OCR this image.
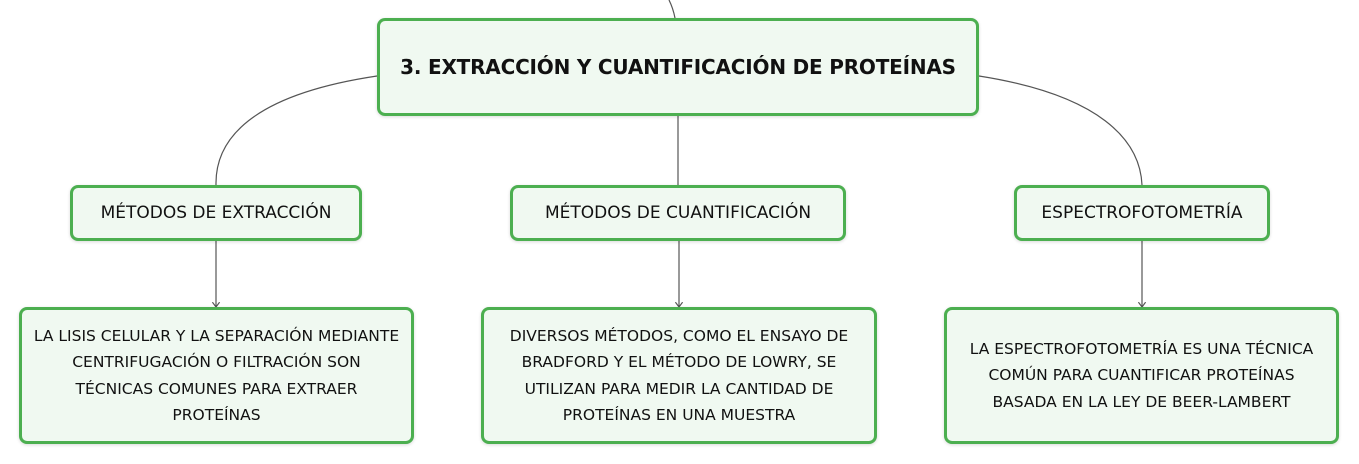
3. EXTRACCIÓN Y CUANTIFICACIÓN DE PROTEÍNAS
MÉTODOS DE EXTRACCIÓN	MÉTODOS DE CUANTIFICACIÓN	ESPECTROFOTOMETRÍA
LA LISIS CELULAR Y LA SEPARACIÓN MEDIANTE CENTRIFUGACIÓN O FILTRACIÓN SON TÉCNICAS COMUNES PARA EXTRAER PROTEÍNAS
DIVERSOS MÉTODOS, COMO EL ENSAYO DE BRADFORD Y EL MÉTODO DE LOWRY, SE UTILIZAN PARA MEDIR LA CANTIDAD DE PROTEÍNAS EN UNA MUESTRA
LA ESPECTROFOTOMETRÍA ES UNA TÉCNICA COMÚN PARA CUANTIFICAR PROTEÍNAS BASADA EN LA LEY DE BEER-LAMBERT
